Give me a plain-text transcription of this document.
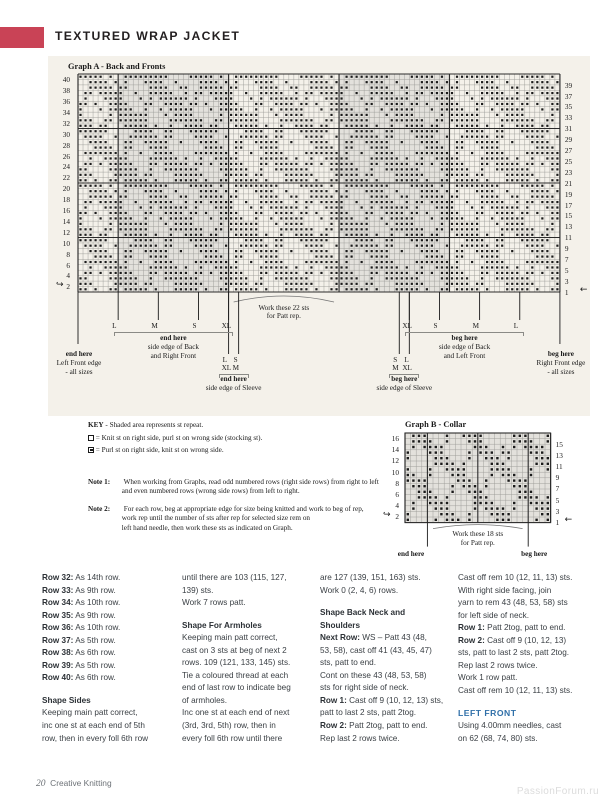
TEXTURED WRAP JACKET
Graph A - Back and Fronts
40
38
36
34
32
30
28
26
24
22
20
18
16
14
12
10
8
6
4
2
39
37
35
33
31
29
27
25
23
21
19
17
15
13
11
9
7
5
3
1
↪	←
Work these 22 sts
for Patt rep.
L	M	S	XL
end here
side edge of Back
and Right Front
end here
Left Front edge
- all sizes
L S
XL M
end here
side edge of Sleeve
XL	S	M	L
beg here
side edge of Back
and Left Front
S L
M XL
beg here
side edge of Sleeve
beg here
Right Front edge
- all sizes
KEY - Shaded area represents st repeat.
= Knit st on right side, purl st on wrong side (stocking st).
= Purl st on right side, knit st on wrong side.
Note 1: When working from Graphs, read odd numbered rows (right side rows) from right to left
and even numbered rows (wrong side rows) from left to right.
Note 2: For each row, beg at appropriate edge for size being knitted and work to beg of rep,
work rep until the number of sts after rep for selected size rem on
left hand needle, then work these sts as indicated on Graph.
Graph B - Collar

Row 32: As 14th row.

Row 33: As 9th row.

Row 34: As 10th row.

Row 35: As 9th row.

Row 36: As 10th row.

Row 37: As 5th row.

Row 38: As 6th row.

Row 39: As 5th row.

Row 40: As 6th row.

Shape Sides

Keeping main patt correct,

inc one st at each end of 5th

row, then in every foll 6th row

until there are 103 (115, 127,

139) sts.

Work 7 rows patt.

Shape For Armholes

Keeping main patt correct,

cast on 3 sts at beg of next 2

rows. 109 (121, 133, 145) sts.

Tie a coloured thread at each

end of last row to indicate beg

of armholes.

Inc one st at each end of next

(3rd, 3rd, 5th) row, then in

every foll 6th row until there

are 127 (139, 151, 163) sts.

Work 0 (2, 4, 6) rows.

Shape Back Neck and

Shoulders

Next Row: WS – Patt 43 (48,

53, 58), cast off 41 (43, 45, 47)

sts, patt to end.

Cont on these 43 (48, 53, 58)

sts for right side of neck.

Row 1: Cast off 9 (10, 12, 13) sts,

patt to last 2 sts, patt 2tog.

Row 2: Patt 2tog, patt to end.

Rep last 2 rows twice.

Cast off rem 10 (12, 11, 13) sts.

With right side facing, join

yarn to rem 43 (48, 53, 58) sts

for left side of neck.

Row 1: Patt 2tog, patt to end.

Row 2: Cast off 9 (10, 12, 13)

sts, patt to last 2 sts, patt 2tog.

Rep last 2 rows twice.

Work 1 row patt.

Cast off rem 10 (12, 11, 13) sts.

LEFT FRONT

Using 4.00mm needles, cast

on 62 (68, 74, 80) sts.

20 Creative Knitting
PassionForum.ru
16
14
12
10
8
6
4
2
15
13
11
9
7
5
3
1
↪	←
Work these 18 sts
for Patt rep.
end here	beg here
